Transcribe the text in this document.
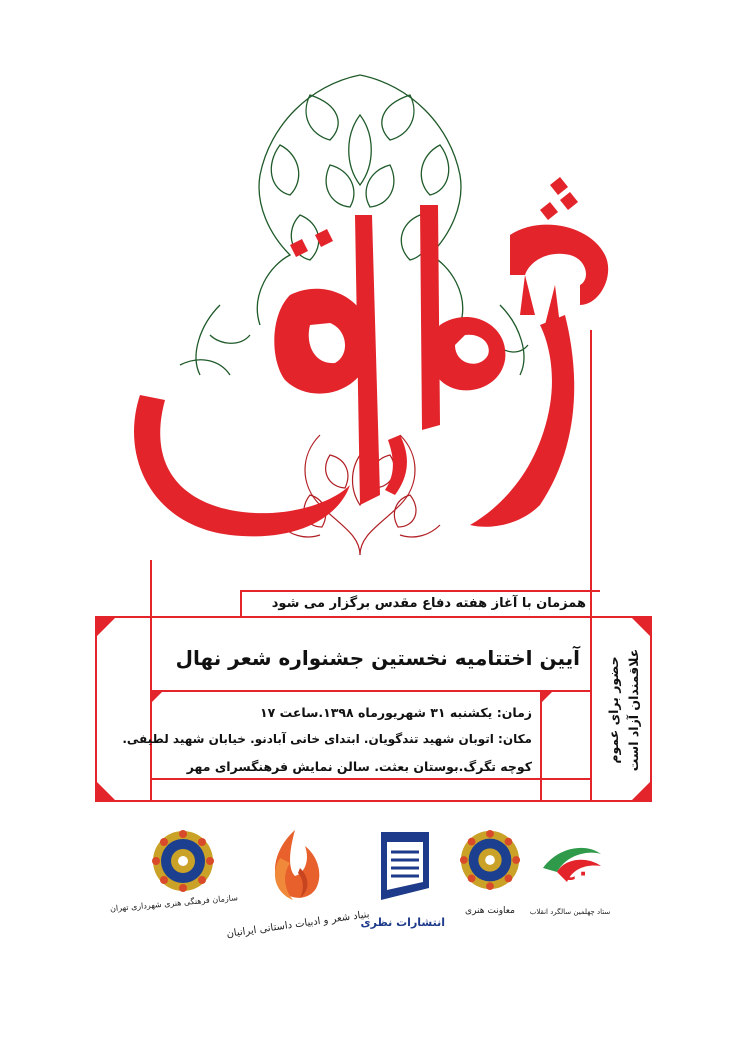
شعرنهال
همزمان با آغاز هفته دفاع مقدس برگزار می شود
آیین اختتامیه نخستین جشنواره شعر نهال
زمان: یکشنبه ۳۱ شهریورماه ۱۳۹۸.ساعت ۱۷
مکان: اتوبان شهید تندگویان. ابتدای خانی آبادنو. خیابان شهید لطیفی.
کوچه تگرگ.بوستان بعثت. سالن نمایش فرهنگسرای مهر
حضور برای عموم علاقمندان آزاد است
سازمان فرهنگی هنری شهرداری تهران
بنیاد شعر و ادبیات داستانی ایرانیان
انتشارات نظری
معاونت هنری
٤٠
ستاد چهلمین سالگرد انقلاب
